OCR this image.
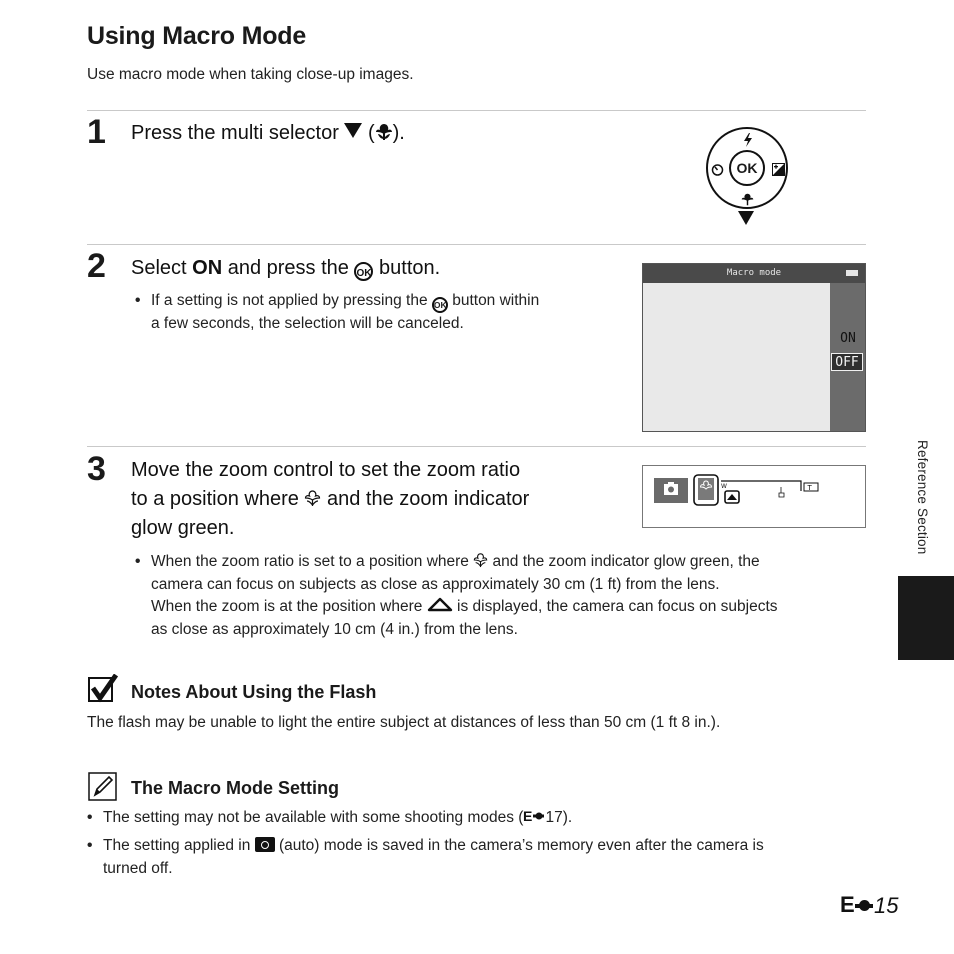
Using Macro Mode
Use macro mode when taking close-up images.
1 Press the multi selector  ( ).
OK
2 Select ON and press the OK button.
• If a setting is not applied by pressing the OK button within
a few seconds, the selection will be canceled.
Macro mode
ON
OFF
3 Move the zoom control to set the zoom ratio
to a position where  and the zoom indicator
glow green.
W	T
• When the zoom ratio is set to a position where  and the zoom indicator glow green, the
camera can focus on subjects as close as approximately 30 cm (1 ft) from the lens.
When the zoom is at the position where  is displayed, the camera can focus on subjects
as close as approximately 10 cm (4 in.) from the lens.
Notes About Using the Flash
The flash may be unable to light the entire subject at distances of less than 50 cm (1 ft 8 in.).
The Macro Mode Setting
• The setting may not be available with some shooting modes ( E 17).
• The setting applied in  (auto) mode is saved in the camera’s memory even after the camera is
turned off.
Reference Section
E 15
